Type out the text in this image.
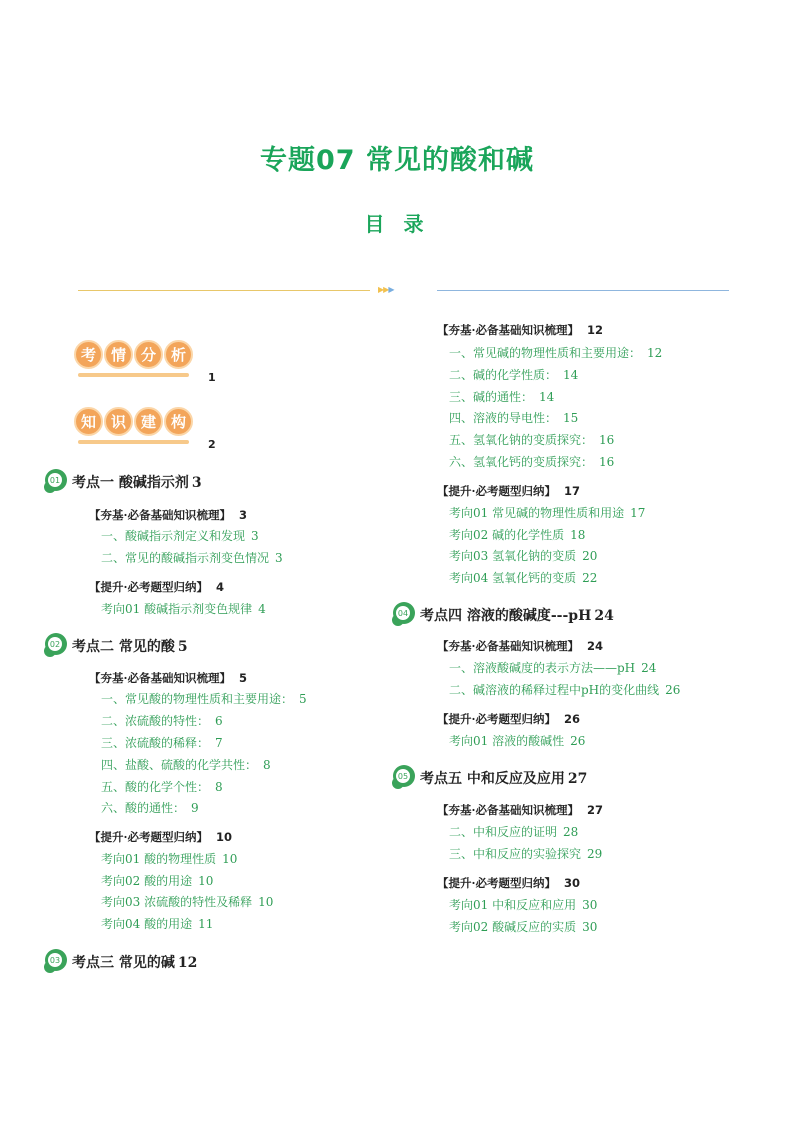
专题07 常见的酸和碱
目 录
▶▶▶
考 情 分 析
1
知 识 建 构
2
01 考点一 酸碱指示剂 3
【夯基·必备基础知识梳理】 3
一、酸碱指示剂定义和发现 3
二、常见的酸碱指示剂变色情况 3
【提升·必考题型归纳】 4
考向01 酸碱指示剂变色规律 4
02 考点二 常见的酸 5
【夯基·必备基础知识梳理】 5
一、常见酸的物理性质和主要用途： 5
二、浓硫酸的特性： 6
三、浓硫酸的稀释： 7
四、盐酸、硫酸的化学共性： 8
五、酸的化学个性： 8
六、酸的通性： 9
【提升·必考题型归纳】 10
考向01 酸的物理性质 10
考向02 酸的用途 10
考向03 浓硫酸的特性及稀释 10
考向04 酸的用途 11
03 考点三 常见的碱 12
【夯基·必备基础知识梳理】 12
一、常见碱的物理性质和主要用途： 12
二、碱的化学性质： 14
三、碱的通性： 14
四、溶液的导电性： 15
五、氢氧化钠的变质探究： 16
六、氢氧化钙的变质探究： 16
【提升·必考题型归纳】 17
考向01 常见碱的物理性质和用途 17
考向02 碱的化学性质 18
考向03 氢氧化钠的变质 20
考向04 氢氧化钙的变质 22
04 考点四 溶液的酸碱度---pH 24
【夯基·必备基础知识梳理】 24
一、溶液酸碱度的表示方法——pH 24
二、碱溶液的稀释过程中pH的变化曲线 26
【提升·必考题型归纳】 26
考向01 溶液的酸碱性 26
05 考点五 中和反应及应用 27
【夯基·必备基础知识梳理】 27
二、中和反应的证明 28
三、中和反应的实验探究 29
【提升·必考题型归纳】 30
考向01 中和反应和应用 30
考向02 酸碱反应的实质 30
